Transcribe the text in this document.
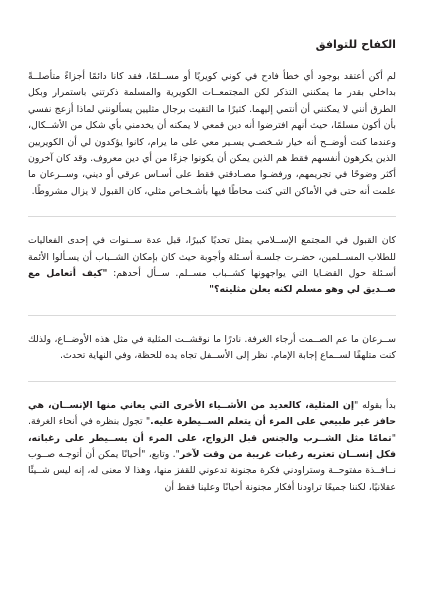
الكفاح للتوافق

لم أكن أعتقد بوجود أي خطأ فادح في كوني كويريًا أو مســلمًا، فقد كانا دائمًا أجزاءً متأصلــةً بداخلي بقدر ما يمكنني التذكر لكن المجتمعــات الكويرية والمسلمة ذكرتني باستمرار وبكل الطرق أنني لا يمكنني أن أنتمي إليهما. كثيرًا ما التقيت برجال مثليين يسألونني لماذا أزعج نفسي بأن أكون مسلمًا، حيث أنهم افترضوا أنه دين قمعي لا يمكنه أن يخدمني بأي شكل من الأشــكال، وعندما كنت أوضــح أنه خيار شـخصـي يسـير معي على ما يرام، كانوا يؤكدون لي أن الكويريين الذين يكرهون أنفسهم فقط هم الذين يمكن أن يكونوا جزءًا من أي دين معروف. وقد كان آخرون أكثر وضوحًا في تجريمهم، ورفضـوا مصـادقتي فقط على أسـاس عرقي أو ديني، وســرعان ما علمت أنه حتى في الأماكن التي كنت محاطًا فيها بأشـخـاص مثلي، كان القبول لا يزال مشروطًا.

كان القبول في المجتمع الإســلامي يمثل تحديًا كبيرًا، قبل عدة ســنوات في إحدى الفعاليات للطلاب المســلمين، حضـرت جلسـة أسـئلة وأجوبة حيث كان بإمكان الشــباب أن يسـألوا الأئمة أسـئلة حول القضـايا التي يواجهونها كشــباب مســلم. ســأل أحدهم: "كيف أتعامل مع صــديق لي وهو مسلم لكنه يعلن مثليته؟"

ســرعان ما عم الصــمت أرجاء الغرفة. نادرًا ما نوقشــت المثلية في مثل هذه الأوضــاع، ولذلك كنت متلهفًا لســماع إجابة الإمام. نظر إلى الأســفل تجاه يده للحظة، وفي النهاية تحدث.

بدأ بقوله "إن المثلية، كالعديد من الأشــياء الأخرى التي يعاني منها الإنســان، هي حافز غير طبيعي على المرء أن يتعلم الســيطرة عليه." تجول بنظره في أنحاء الغرفة. "تمامًا مثل الشــرب والجنس قبل الزواج، على المرء أن يســيطر على رغباته، فكل إنســان تعتريه رغبات غريبة من وقت لآخر". وتابع، "أحيانًا يمكن أن أتوجـه صــوب نــافــذة مفتوحــة وستراودني فكرة مجنونة تدعوني للقفز منها، وهذا لا معنى له، إنه ليس شــيئًا عقلانيًا، لكننا جميعًا تراودنا أفكار مجنونة أحيانًا وعلينا فقط أن
